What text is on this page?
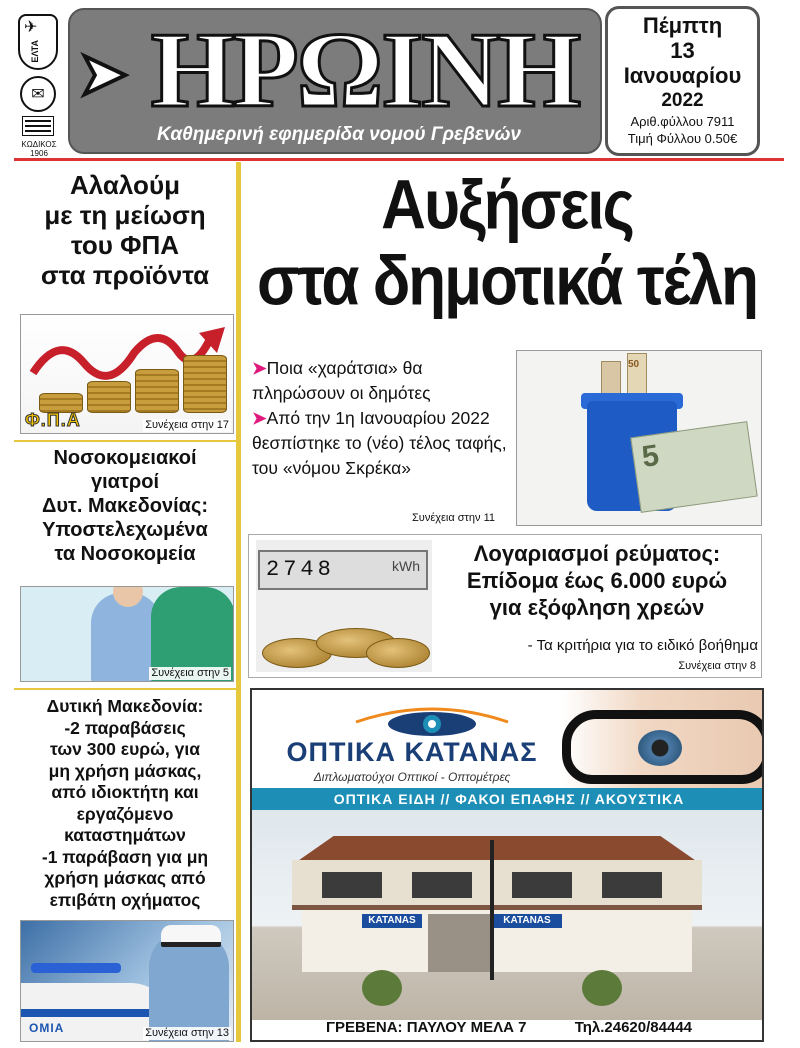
✈
ΕΛΤΑ
✉
ΚΩΔΙΚΟΣ
1906
➤ ΗΡΩΙΝΗ
Καθημερινή εφημερίδα νομού Γρεβενών
Πέμπτη
13
Ιανουαρίου
2022
Αριθ.φύλλου 7911
Τιμή Φύλλου 0.50€
Αλαλούμ
με τη μείωση
του ΦΠΑ
στα προϊόντα
Φ.Π.Α	Συνέχεια στην 17
Νοσοκομειακοί
γιατροί
Δυτ. Μακεδονίας:
Υποστελεχωμένα
τα Νοσοκομεία
Συνέχεια στην 5
Δυτική Μακεδονία:
-2 παραβάσεις
των 300 ευρώ, για
μη χρήση μάσκας,
από ιδιοκτήτη και
εργαζόμενο
καταστημάτων
-1 παράβαση για μη
χρήση μάσκας από
επιβάτη οχήματος
ΟΜΙΑ	Συνέχεια στην 13
Αυξήσεις
στα δημοτικά τέλη
➤Ποια «χαράτσια» θα πληρώσουν οι δημότες
➤Από την 1η Ιανουαρίου 2022 θεσπίστηκε το (νέο) τέλος ταφής, του «νόμου Σκρέκα»
Συνέχεια στην 11
50
5
2748	kWh	Λογαριασμοί ρεύματος:
Επίδομα έως 6.000 ευρώ
για εξόφληση χρεών
- Τα κριτήρια για το ειδικό βοήθημα
Συνέχεια στην 8
ΟΠΤΙΚΑ ΚΑΤΑΝΑΣ
Διπλωματούχοι Οπτικοί - Οπτομέτρες
ΟΠΤΙΚΑ ΕΙΔΗ // ΦΑΚΟΙ ΕΠΑΦΗΣ // ΑΚΟΥΣΤΙΚΑ
KATANAS	KATANAS
ΓΡΕΒΕΝΑ: ΠΑΥΛΟΥ ΜΕΛΑ 7	Τηλ.24620/84444
